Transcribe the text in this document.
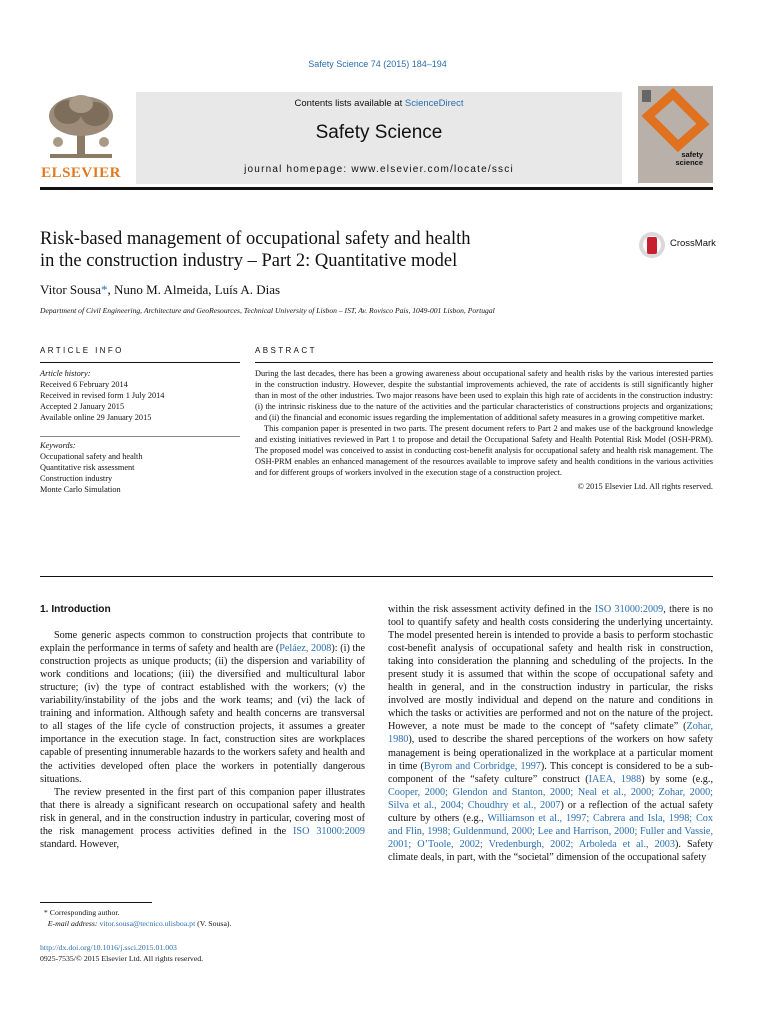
Safety Science 74 (2015) 184–194
ELSEVIER
Contents lists available at ScienceDirect
Safety Science
journal homepage: www.elsevier.com/locate/ssci
safety
science
Risk-based management of occupational safety and health
in the construction industry – Part 2: Quantitative model
CrossMark
Vitor Sousa*, Nuno M. Almeida, Luís A. Dias
Department of Civil Engineering, Architecture and GeoResources, Technical University of Lisbon – IST, Av. Rovisco Pais, 1049-001 Lisbon, Portugal
ARTICLE INFO	ABSTRACT
Article history:
Received 6 February 2014
Received in revised form 1 July 2014
Accepted 2 January 2015
Available online 29 January 2015
Keywords:
Occupational safety and health
Quantitative risk assessment
Construction industry
Monte Carlo Simulation

During the last decades, there has been a growing awareness about occupational safety and health risks by the various interested parties in the construction industry. However, despite the substantial improvements achieved, the rate of accidents is still significantly higher than in most of the other industries. Two major reasons have been used to explain this high rate of accidents in the construction industry: (i) the intrinsic riskiness due to the nature of the activities and the particular characteristics of constructions projects and organizations; and (ii) the financial and economic issues regarding the implementation of additional safety measures in a growing competitive market.

This companion paper is presented in two parts. The present document refers to Part 2 and makes use of the background knowledge and existing initiatives reviewed in Part 1 to propose and detail the Occupational Safety and Health Potential Risk Model (OSH-PRM). The proposed model was conceived to assist in conducting cost-benefit analysis for occupational safety and health risk management. The OSH-PRM enables an enhanced management of the resources available to improve safety and health conditions in the various activities and for different groups of workers involved in the execution stage of a construction project.

© 2015 Elsevier Ltd. All rights reserved.
1. Introduction

Some generic aspects common to construction projects that contribute to explain the performance in terms of safety and health are (Peláez, 2008): (i) the construction projects as unique products; (ii) the dispersion and variability of work conditions and locations; (iii) the diversified and multicultural labor structure; (iv) the type of contract established with the workers; (v) the variability/instability of the jobs and the work teams; and (vi) the lack of training and information. Although safety and health concerns are transversal to all stages of the life cycle of construction projects, it assumes a greater importance in the execution stage. In fact, construction sites are workplaces capable of presenting innumerable hazards to the workers safety and health and the activities developed often place the workers in potentially dangerous situations.

The review presented in the first part of this companion paper illustrates that there is already a significant research on occupational safety and health risk in general, and in the construction industry in particular, covering most of the risk management process activities defined in the ISO 31000:2009 standard. However,

within the risk assessment activity defined in the ISO 31000:2009, there is no tool to quantify safety and health costs considering the underlying uncertainty. The model presented herein is intended to provide a basis to perform stochastic cost-benefit analysis of occupational safety and health risk in construction, taking into consideration the planning and scheduling of the projects. In the present study it is assumed that within the scope of occupational safety and health in general, and in the construction industry in particular, the risks involved are mostly individual and depend on the nature and conditions in which the tasks or activities are performed and not on the nature of the project. However, a note must be made to the concept of “safety climate” (Zohar, 1980), used to describe the shared perceptions of the workers on how safety management is being operationalized in the workplace at a particular moment in time (Byrom and Corbridge, 1997). This concept is considered to be a sub-component of the “safety culture” construct (IAEA, 1988) by some (e.g., Cooper, 2000; Glendon and Stanton, 2000; Neal et al., 2000; Zohar, 2000; Silva et al., 2004; Choudhry et al., 2007) or a reflection of the actual safety culture by others (e.g., Williamson et al., 1997; Cabrera and Isla, 1998; Cox and Flin, 1998; Guldenmund, 2000; Lee and Harrison, 2000; Fuller and Vassie, 2001; O’Toole, 2002; Vredenburgh, 2002; Arboleda et al., 2003). Safety climate deals, in part, with the “societal” dimension of the occupational safety

* Corresponding author.
E-mail address: vitor.sousa@tecnico.ulisboa.pt (V. Sousa).
http://dx.doi.org/10.1016/j.ssci.2015.01.003
0925-7535/© 2015 Elsevier Ltd. All rights reserved.
